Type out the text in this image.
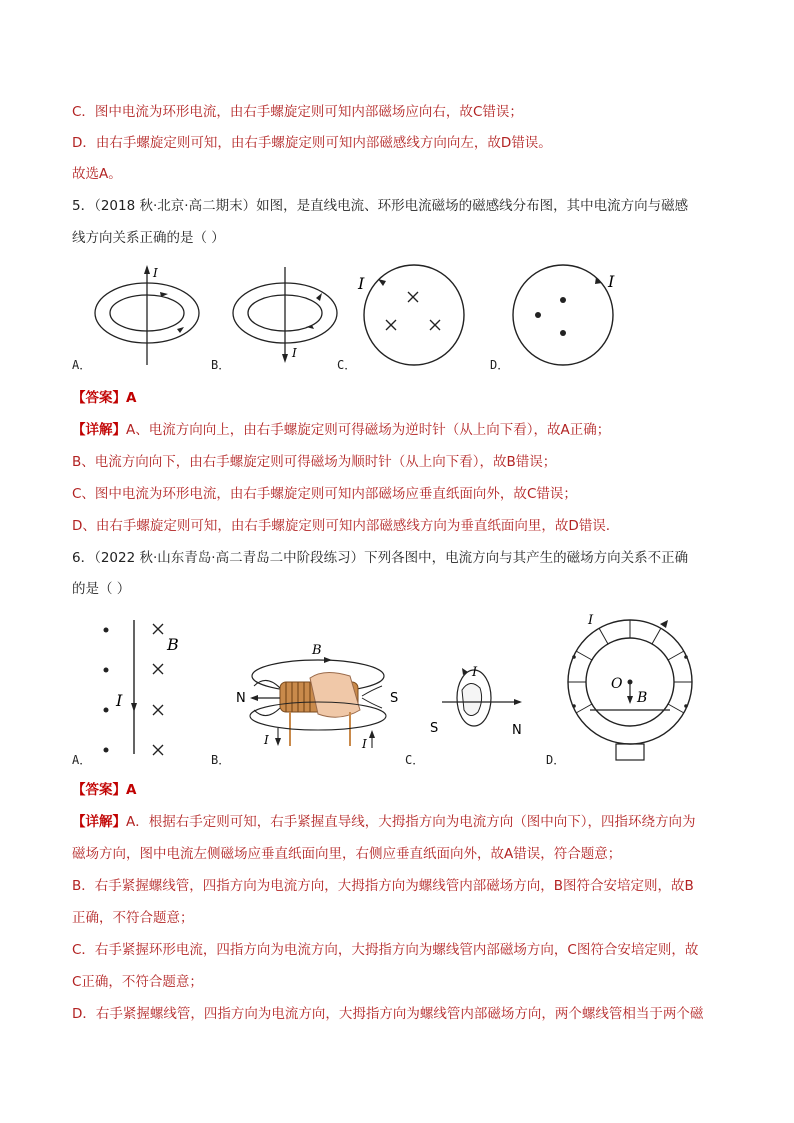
C．图中电流为环形电流，由右手螺旋定则可知内部磁场应向右，故C错误；
D．由右手螺旋定则可知，由右手螺旋定则可知内部磁感线方向向左，故D错误。
故选A。
5．（2018 秋·北京·高二期末）如图，是直线电流、环形电流磁场的磁感线分布图，其中电流方向与磁感
线方向关系正确的是（ ）
I
I
I	I
A．	B．	C．	D．
【答案】A
【详解】A、电流方向向上，由右手螺旋定则可得磁场为逆时针（从上向下看），故A正确；
B、电流方向向下，由右手螺旋定则可得磁场为顺时针（从上向下看），故B错误；
C、图中电流为环形电流，由右手螺旋定则可知内部磁场应垂直纸面向外，故C错误；
D、由右手螺旋定则可知，由右手螺旋定则可知内部磁感线方向为垂直纸面向里，故D错误.
6．（2022 秋·山东青岛·高二青岛二中阶段练习）下列各图中，电流方向与其产生的磁场方向关系不正确
的是（ ）
I
B	B
N	S
I	I
S	N
I
I
O
B
A．	B．	C．	D．
【答案】A
【详解】A．根据右手定则可知，右手紧握直导线，大拇指方向为电流方向（图中向下），四指环绕方向为
磁场方向，图中电流左侧磁场应垂直纸面向里，右侧应垂直纸面向外，故A错误，符合题意；
B．右手紧握螺线管，四指方向为电流方向，大拇指方向为螺线管内部磁场方向，B图符合安培定则，故B
正确，不符合题意；
C．右手紧握环形电流，四指方向为电流方向，大拇指方向为螺线管内部磁场方向，C图符合安培定则，故
C正确，不符合题意；
D．右手紧握螺线管，四指方向为电流方向，大拇指方向为螺线管内部磁场方向，两个螺线管相当于两个磁
